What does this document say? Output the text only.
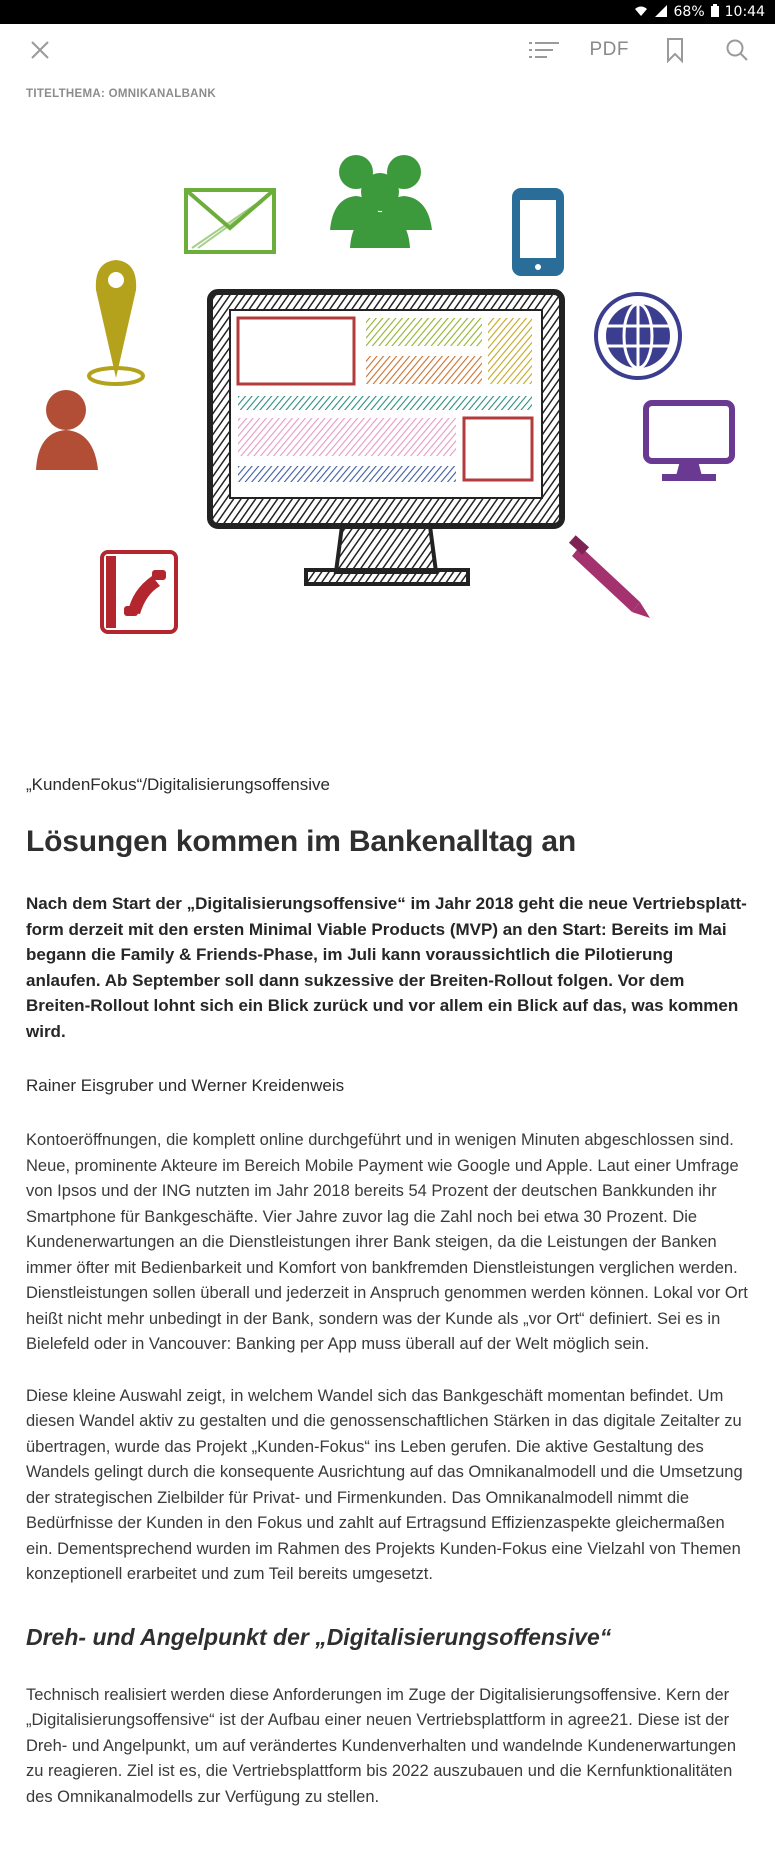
68% 10:44
PDF
TITELTHEMA: OMNIKANALBANK
„KundenFokus“/Digitalisierungsoffensive
Lösungen kommen im Bankenalltag an

Nach dem Start der „Digitalisierungsoffensive“ im Jahr 2018 geht die neue Vertriebsplatt-form derzeit mit den ersten Minimal Viable Products (MVP) an den Start: Bereits im Mai begann die Family & Friends-Phase, im Juli kann voraussichtlich die Pilotierung anlaufen. Ab September soll dann sukzessive der Breiten-Rollout folgen. Vor dem Breiten-Rollout lohnt sich ein Blick zurück und vor allem ein Blick auf das, was kommen wird.

Rainer Eisgruber und Werner Kreidenweis

Kontoeröffnungen, die komplett online durchgeführt und in wenigen Minuten abgeschlossen sind. Neue, prominente Akteure im Bereich Mobile Payment wie Google und Apple. Laut einer Umfrage von Ipsos und der ING nutzten im Jahr 2018 bereits 54 Prozent der deutschen Bankkunden ihr Smartphone für Bankgeschäfte. Vier Jahre zuvor lag die Zahl noch bei etwa 30 Prozent. Die Kundenerwartungen an die Dienstleistungen ihrer Bank steigen, da die Leistungen der Banken immer öfter mit Bedienbarkeit und Komfort von bankfremden Dienstleistungen verglichen werden. Dienstleistungen sollen überall und jederzeit in Anspruch genommen werden können. Lokal vor Ort heißt nicht mehr unbedingt in der Bank, sondern was der Kunde als „vor Ort“ definiert. Sei es in Bielefeld oder in Vancouver: Banking per App muss überall auf der Welt möglich sein.

Diese kleine Auswahl zeigt, in welchem Wandel sich das Bankgeschäft momentan befindet. Um diesen Wandel aktiv zu gestalten und die genossenschaftlichen Stärken in das digitale Zeitalter zu übertragen, wurde das Projekt „Kunden-Fokus“ ins Leben gerufen. Die aktive Gestaltung des Wandels gelingt durch die konsequente Ausrichtung auf das Omnikanalmodell und die Umsetzung der strategischen Zielbilder für Privat- und Firmenkunden. Das Omnikanalmodell nimmt die Bedürfnisse der Kunden in den Fokus und zahlt auf Ertragsund Effizienzaspekte gleichermaßen ein. Dementsprechend wurden im Rahmen des Projekts Kunden-Fokus eine Vielzahl von Themen konzeptionell erarbeitet und zum Teil bereits umgesetzt.

Dreh- und Angelpunkt der „Digitalisierungsoffensive“

Technisch realisiert werden diese Anforderungen im Zuge der Digitalisierungsoffensive. Kern der „Digitalisierungsoffensive“ ist der Aufbau einer neuen Vertriebsplattform in agree21. Diese ist der Dreh- und Angelpunkt, um auf verändertes Kundenverhalten und wandelnde Kundenerwartungen zu reagieren. Ziel ist es, die Vertriebsplattform bis 2022 auszubauen und die Kernfunktionalitäten des Omnikanalmodells zur Verfügung zu stellen.
